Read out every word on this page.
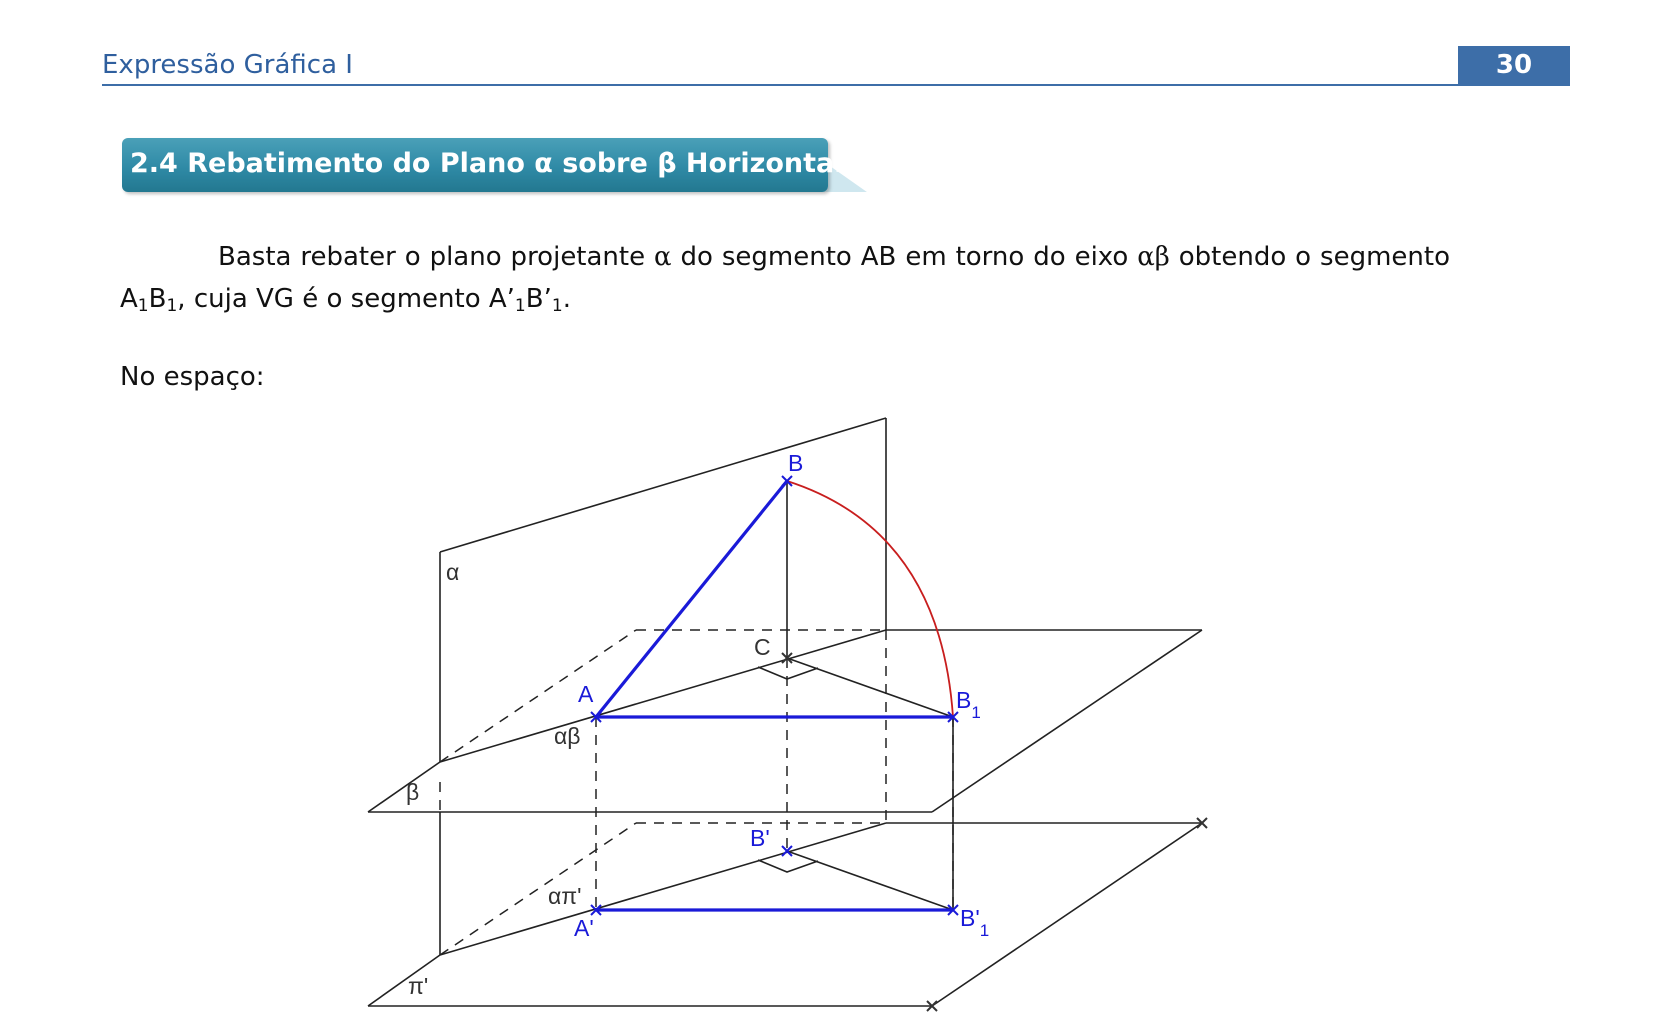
Expressão Gráfica I	30
2.4 Rebatimento do Plano α sobre β Horizontal
Basta rebater o plano projetante α do segmento AB em torno do eixo αβ obtendo o segmento $A_1B_1$, cuja VG é o segmento $A’_1B’_1$.
No espaço:
B
α
C
A	$B_1$
αβ
β
B'
απ'
A'	$B'_1$
π'
